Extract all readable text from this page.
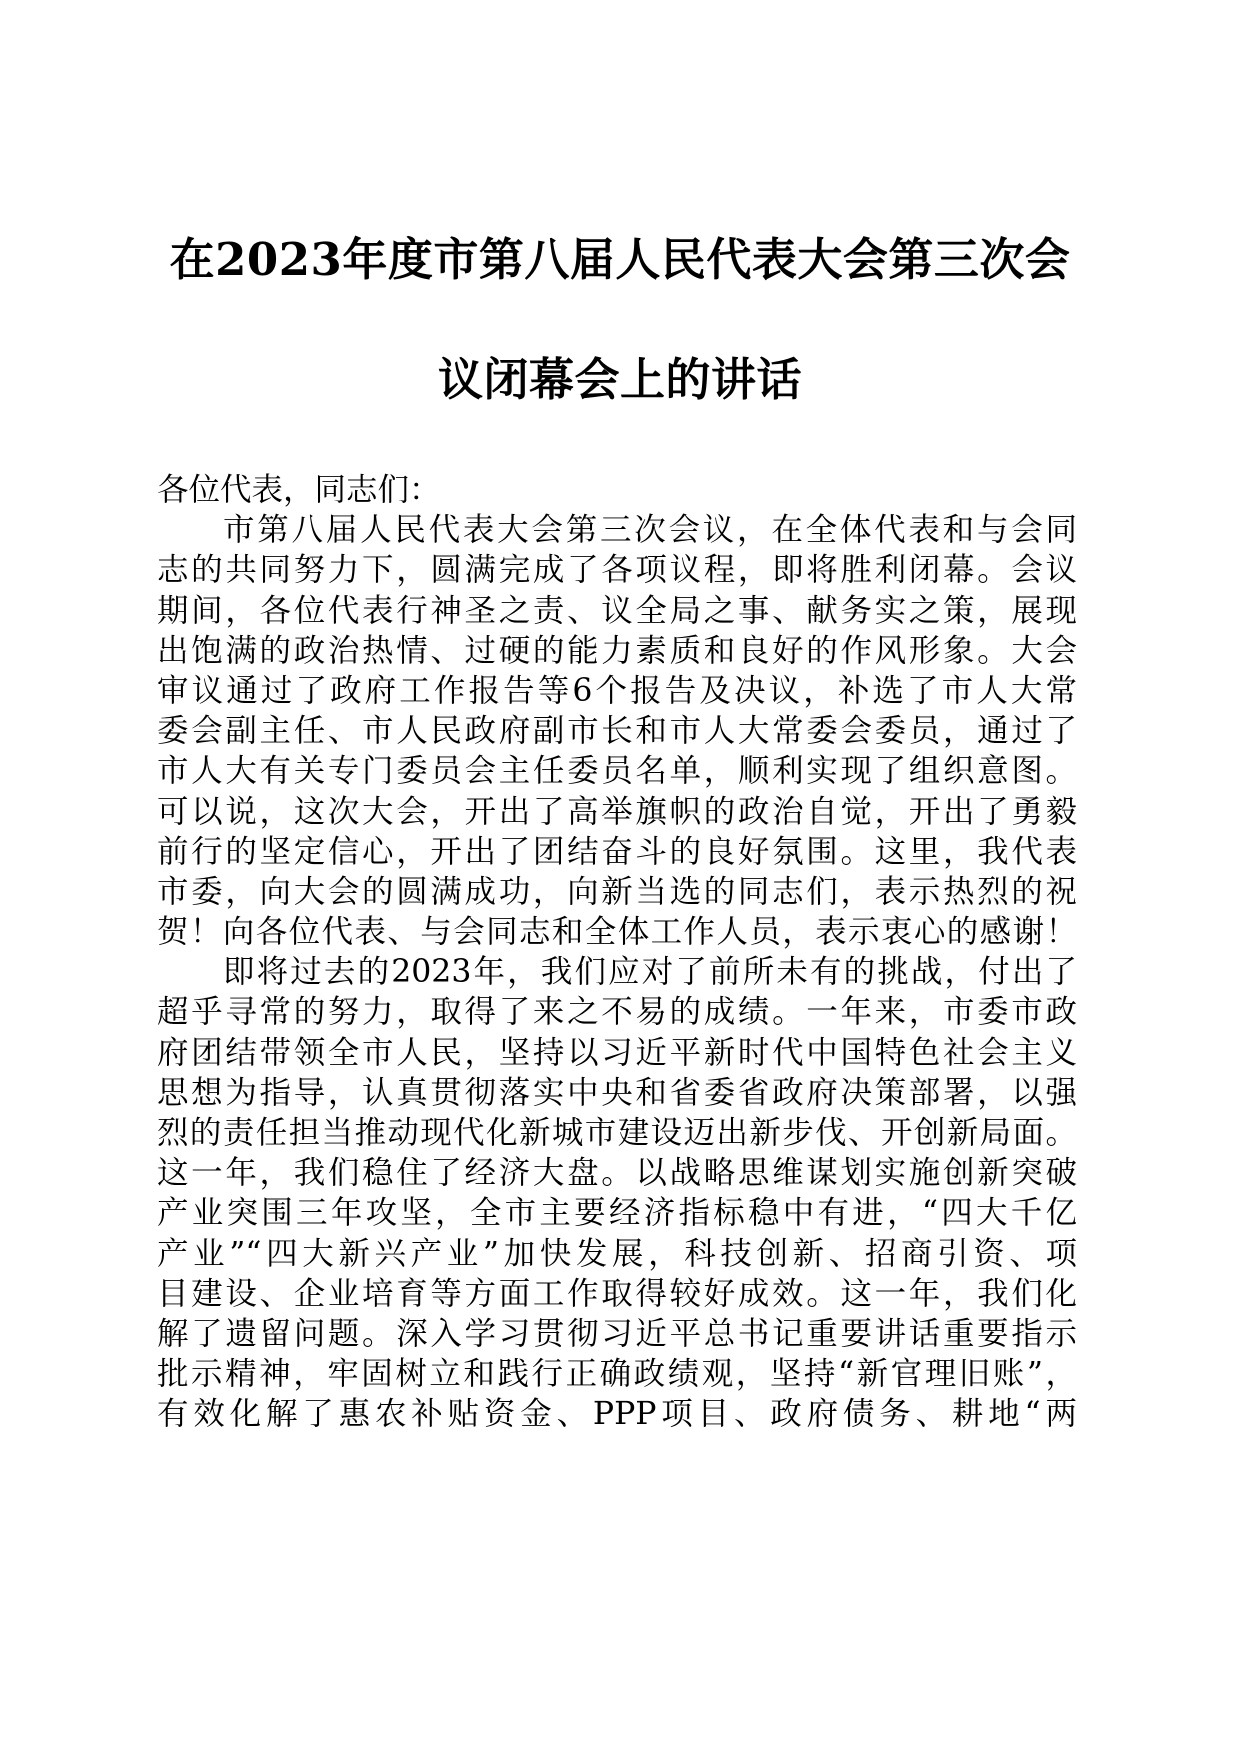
在2023年度市第八届人民代表大会第三次会
议闭幕会上的讲话
各位代表，同志们：
市第八届人民代表大会第三次会议，在全体代表和与会同
志的共同努力下，圆满完成了各项议程，即将胜利闭幕。会议
期间，各位代表行神圣之责、议全局之事、献务实之策，展现
出饱满的政治热情、过硬的能力素质和良好的作风形象。大会
审议通过了政府工作报告等6个报告及决议，补选了市人大常
委会副主任、市人民政府副市长和市人大常委会委员，通过了
市人大有关专门委员会主任委员名单，顺利实现了组织意图。
可以说，这次大会，开出了高举旗帜的政治自觉，开出了勇毅
前行的坚定信心，开出了团结奋斗的良好氛围。这里，我代表
市委，向大会的圆满成功，向新当选的同志们，表示热烈的祝
贺！向各位代表、与会同志和全体工作人员，表示衷心的感谢！
即将过去的2023年，我们应对了前所未有的挑战，付出了
超乎寻常的努力，取得了来之不易的成绩。一年来，市委市政
府团结带领全市人民，坚持以习近平新时代中国特色社会主义
思想为指导，认真贯彻落实中央和省委省政府决策部署，以强
烈的责任担当推动现代化新城市建设迈出新步伐、开创新局面。
这一年，我们稳住了经济大盘。以战略思维谋划实施创新突破
产业突围三年攻坚，全市主要经济指标稳中有进，“四大千亿
产业”“四大新兴产业”加快发展，科技创新、招商引资、项
目建设、企业培育等方面工作取得较好成效。这一年，我们化
解了遗留问题。深入学习贯彻习近平总书记重要讲话重要指示
批示精神，牢固树立和践行正确政绩观，坚持“新官理旧账”，
有效化解了惠农补贴资金、PPP项目、政府债务、耕地“两
